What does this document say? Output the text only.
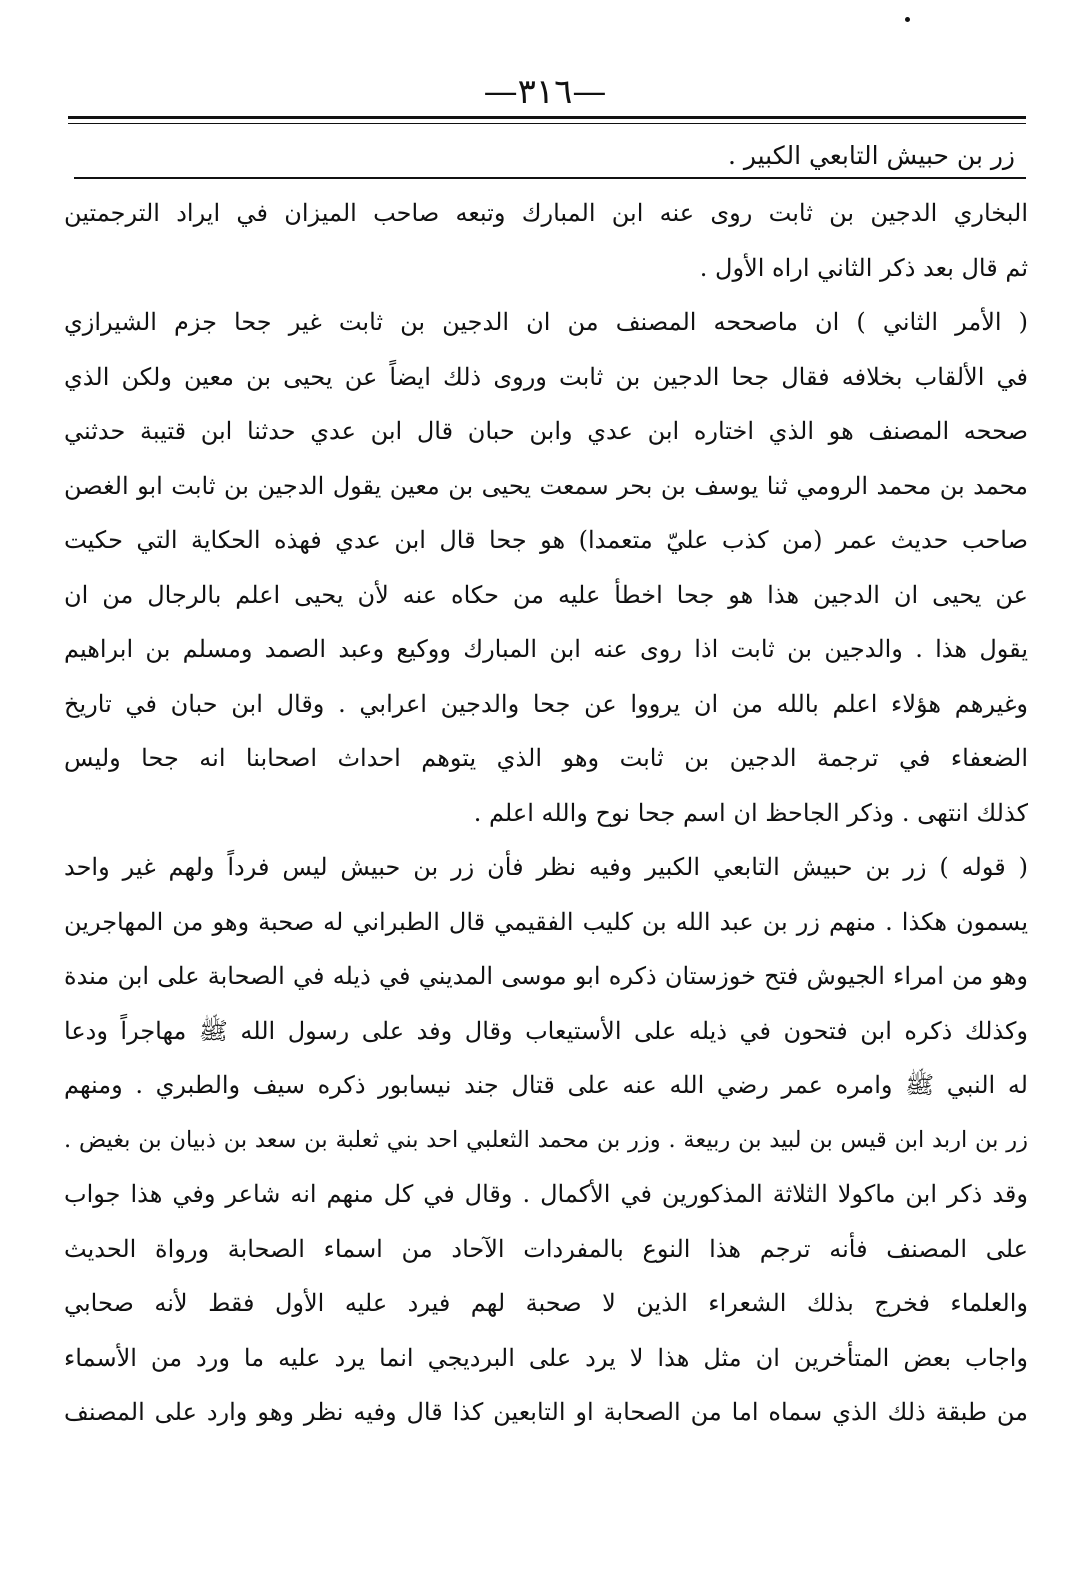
—٣١٦—
زر بن حبيش التابعي الكبير .
البخاري الدجين بن ثابت روى عنه ابن المبارك وتبعه صاحب الميزان في ايراد الترجمتين
ثم قال بعد ذكر الثاني اراه الأول .
( الأمر الثاني ) ان ماصححه المصنف من ان الدجين بن ثابت غير جحا جزم الشيرازي
في الألقاب بخلافه فقال جحا الدجين بن ثابت وروى ذلك ايضاً عن يحيى بن معين ولكن الذي
صححه المصنف هو الذي اختاره ابن عدي وابن حبان قال ابن عدي حدثنا ابن قتيبة حدثني
محمد بن محمد الرومي ثنا يوسف بن بحر سمعت يحيى بن معين يقول الدجين بن ثابت ابو الغصن
صاحب حديث عمر (من كذب عليّ متعمدا) هو جحا قال ابن عدي فهذه الحكاية التي حكيت
عن يحيى ان الدجين هذا هو جحا اخطأ عليه من حكاه عنه لأن يحيى اعلم بالرجال من ان
يقول هذا . والدجين بن ثابت اذا روى عنه ابن المبارك ووكيع وعبد الصمد ومسلم بن ابراهيم
وغيرهم هؤلاء اعلم بالله من ان يرووا عن جحا والدجين اعرابي . وقال ابن حبان في تاريخ
الضعفاء في ترجمة الدجين بن ثابت وهو الذي يتوهم احداث اصحابنا انه جحا وليس
كذلك انتهى . وذكر الجاحظ ان اسم جحا نوح والله اعلم .
( قوله ) زر بن حبيش التابعي الكبير وفيه نظر فأن زر بن حبيش ليس فرداً ولهم غير واحد
يسمون هكذا . منهم زر بن عبد الله بن كليب الفقيمي قال الطبراني له صحبة وهو من المهاجرين
وهو من امراء الجيوش فتح خوزستان ذكره ابو موسى المديني في ذيله في الصحابة على ابن مندة
وكذلك ذكره ابن فتحون في ذيله على الأستيعاب وقال وفد على رسول الله ﷺ مهاجراً ودعا
له النبي ﷺ وامره عمر رضي الله عنه على قتال جند نيسابور ذكره سيف والطبري . ومنهم
زر بن اربد ابن قيس بن لبيد بن ربيعة . وزر بن محمد الثعلبي احد بني ثعلبة بن سعد بن ذبيان بن بغيض .
وقد ذكر ابن ماكولا الثلاثة المذكورين في الأكمال . وقال في كل منهم انه شاعر وفي هذا جواب
على المصنف فأنه ترجم هذا النوع بالمفردات الآحاد من اسماء الصحابة ورواة الحديث
والعلماء فخرج بذلك الشعراء الذين لا صحبة لهم فيرد عليه الأول فقط لأنه صحابي
واجاب بعض المتأخرين ان مثل هذا لا يرد على البرديجي انما يرد عليه ما ورد من الأسماء
من طبقة ذلك الذي سماه اما من الصحابة او التابعين كذا قال وفيه نظر وهو وارد على المصنف
